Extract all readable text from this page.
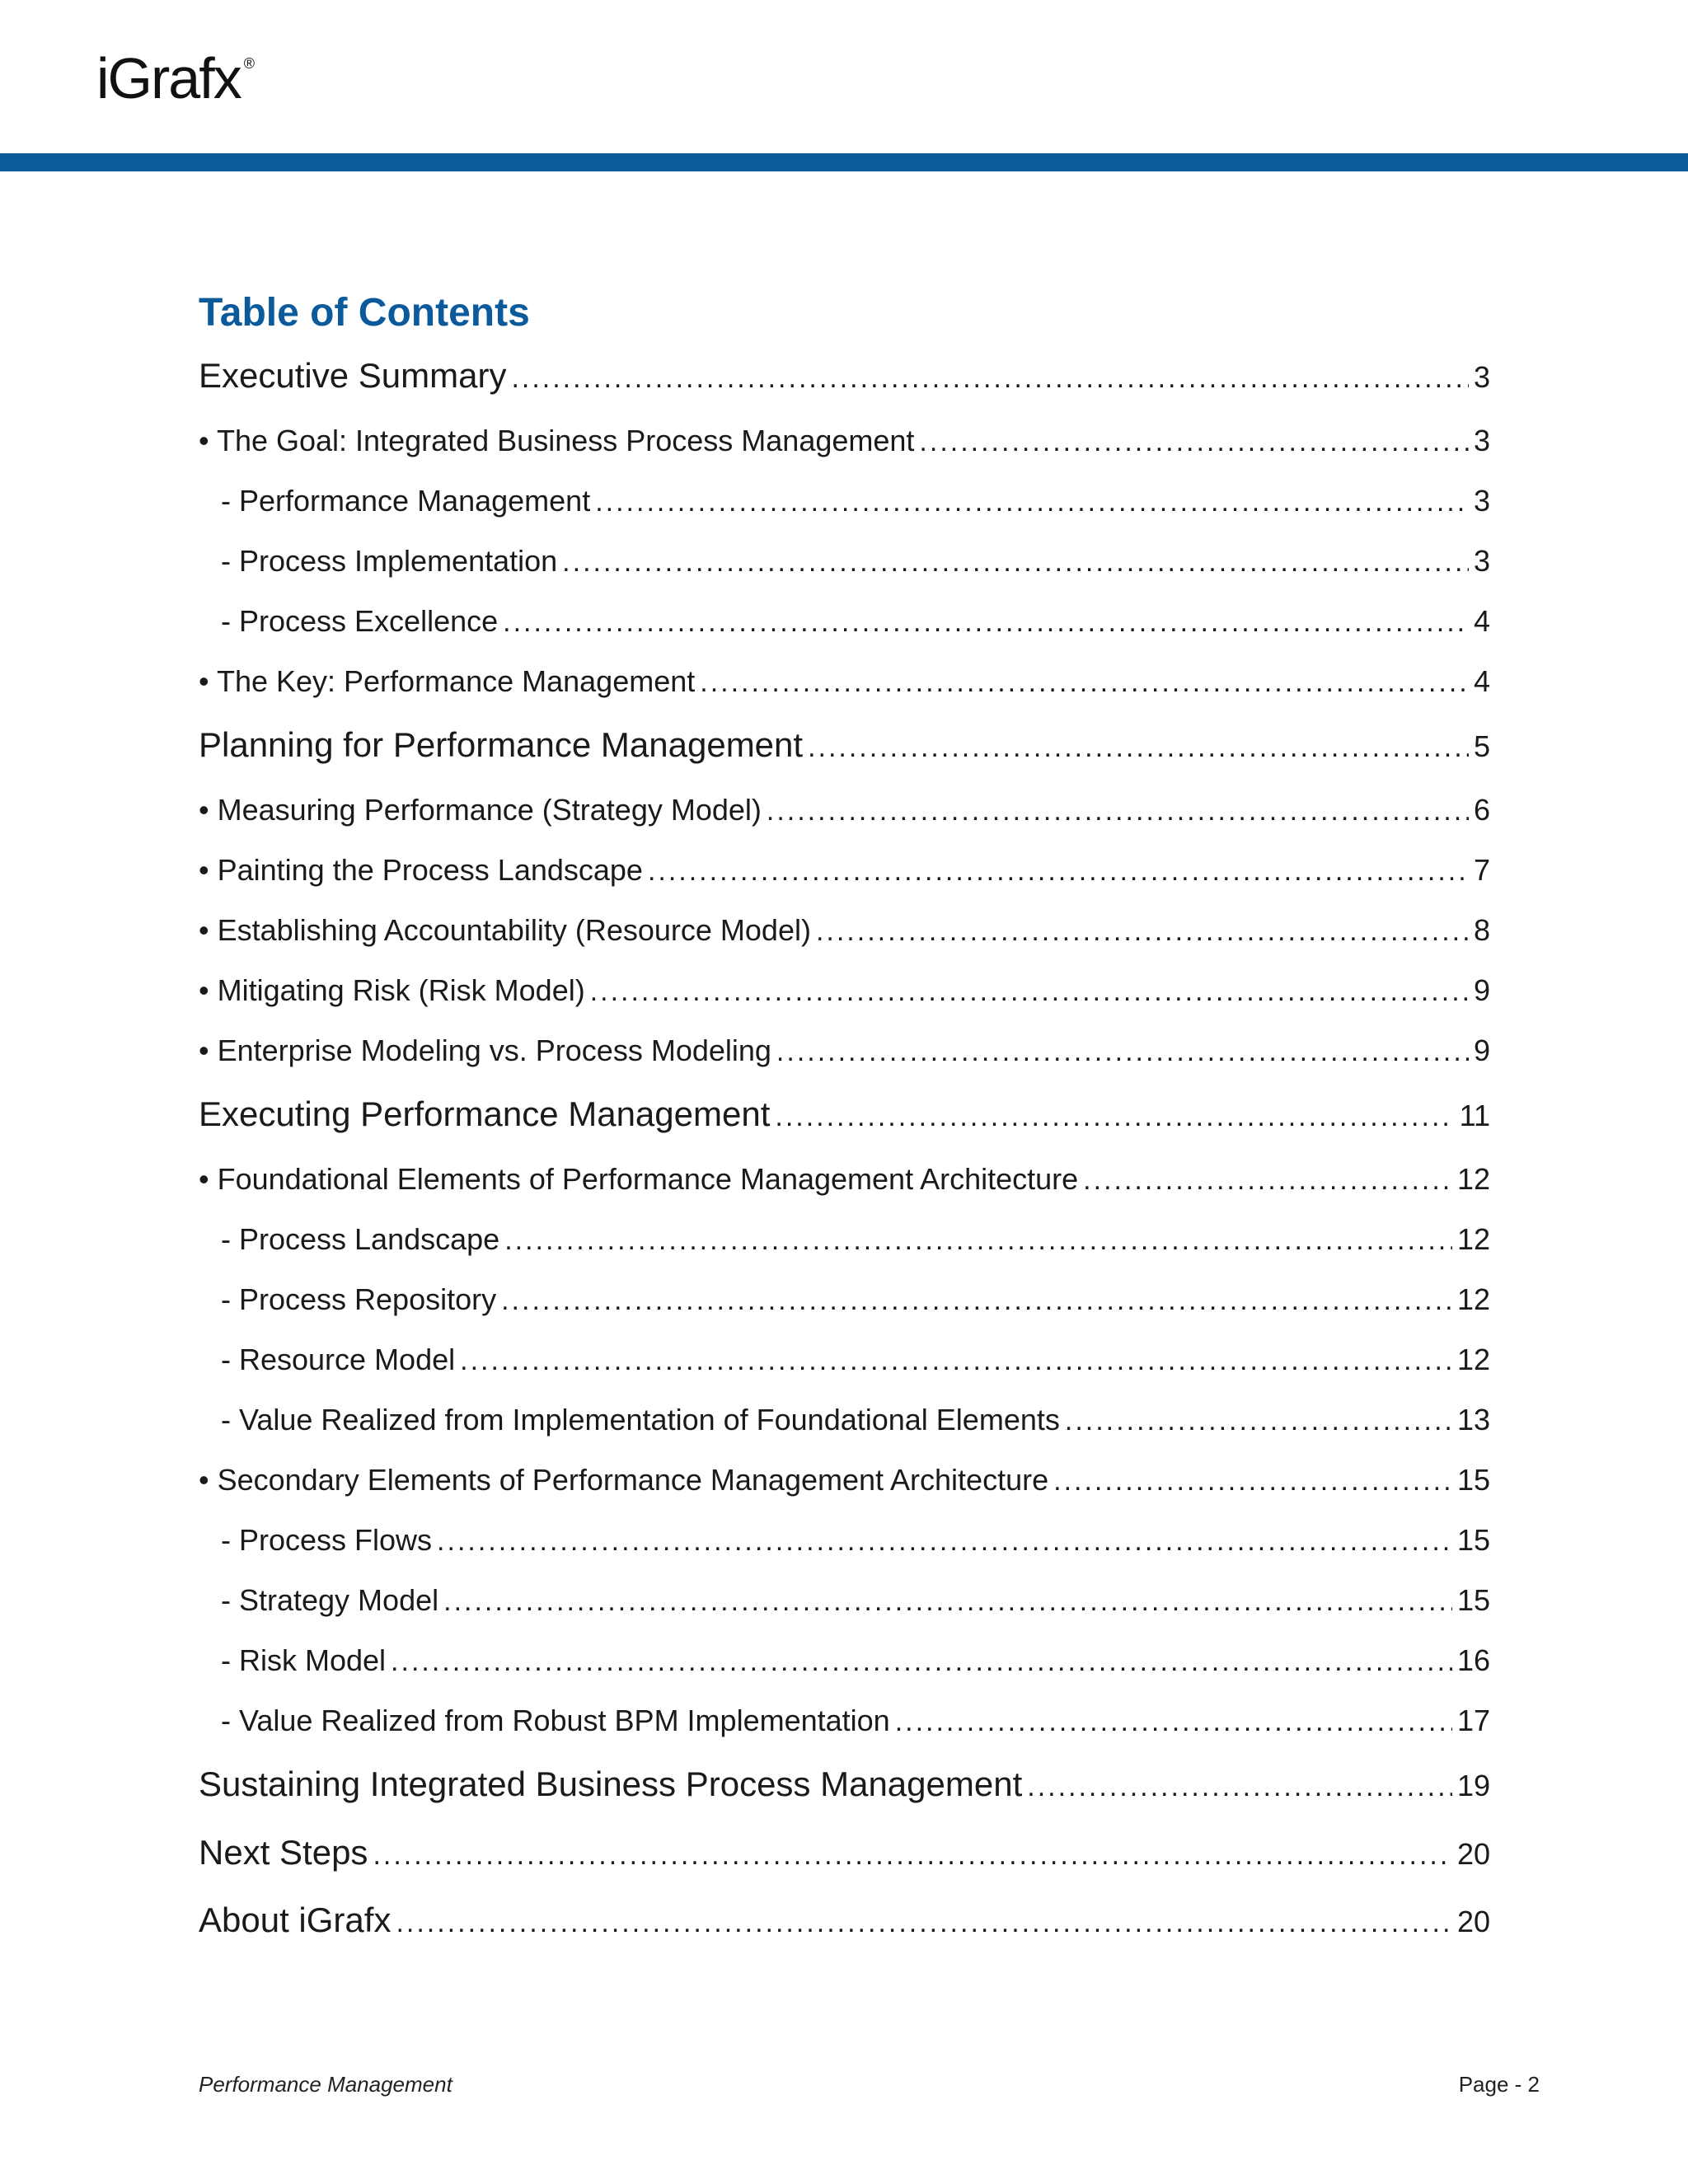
iGrafx ®
Table of Contents
Executive Summary .....	3
• The Goal: Integrated Business Process Management .....	3
- Performance Management .....	3
- Process Implementation .....	3
- Process Excellence .....	4
• The Key: Performance Management .....	4
Planning for Performance Management .....	5
• Measuring Performance (Strategy Model) .....	6
• Painting the Process Landscape .....	7
• Establishing Accountability (Resource Model) .....	8
• Mitigating Risk (Risk Model) .....	9
• Enterprise Modeling vs. Process Modeling .....	9
Executing Performance Management .....	11
• Foundational Elements of Performance Management Architecture .....	12
- Process Landscape .....	12
- Process Repository .....	12
- Resource Model .....	12
- Value Realized from Implementation of Foundational Elements .....	13
• Secondary Elements of Performance Management Architecture .....	15
- Process Flows .....	15
- Strategy Model .....	15
- Risk Model .....	16
- Value Realized from Robust BPM Implementation .....	17
Sustaining Integrated Business Process Management .....	19
Next Steps .....	20
About iGrafx .....	20
Performance Management	Page - 2
